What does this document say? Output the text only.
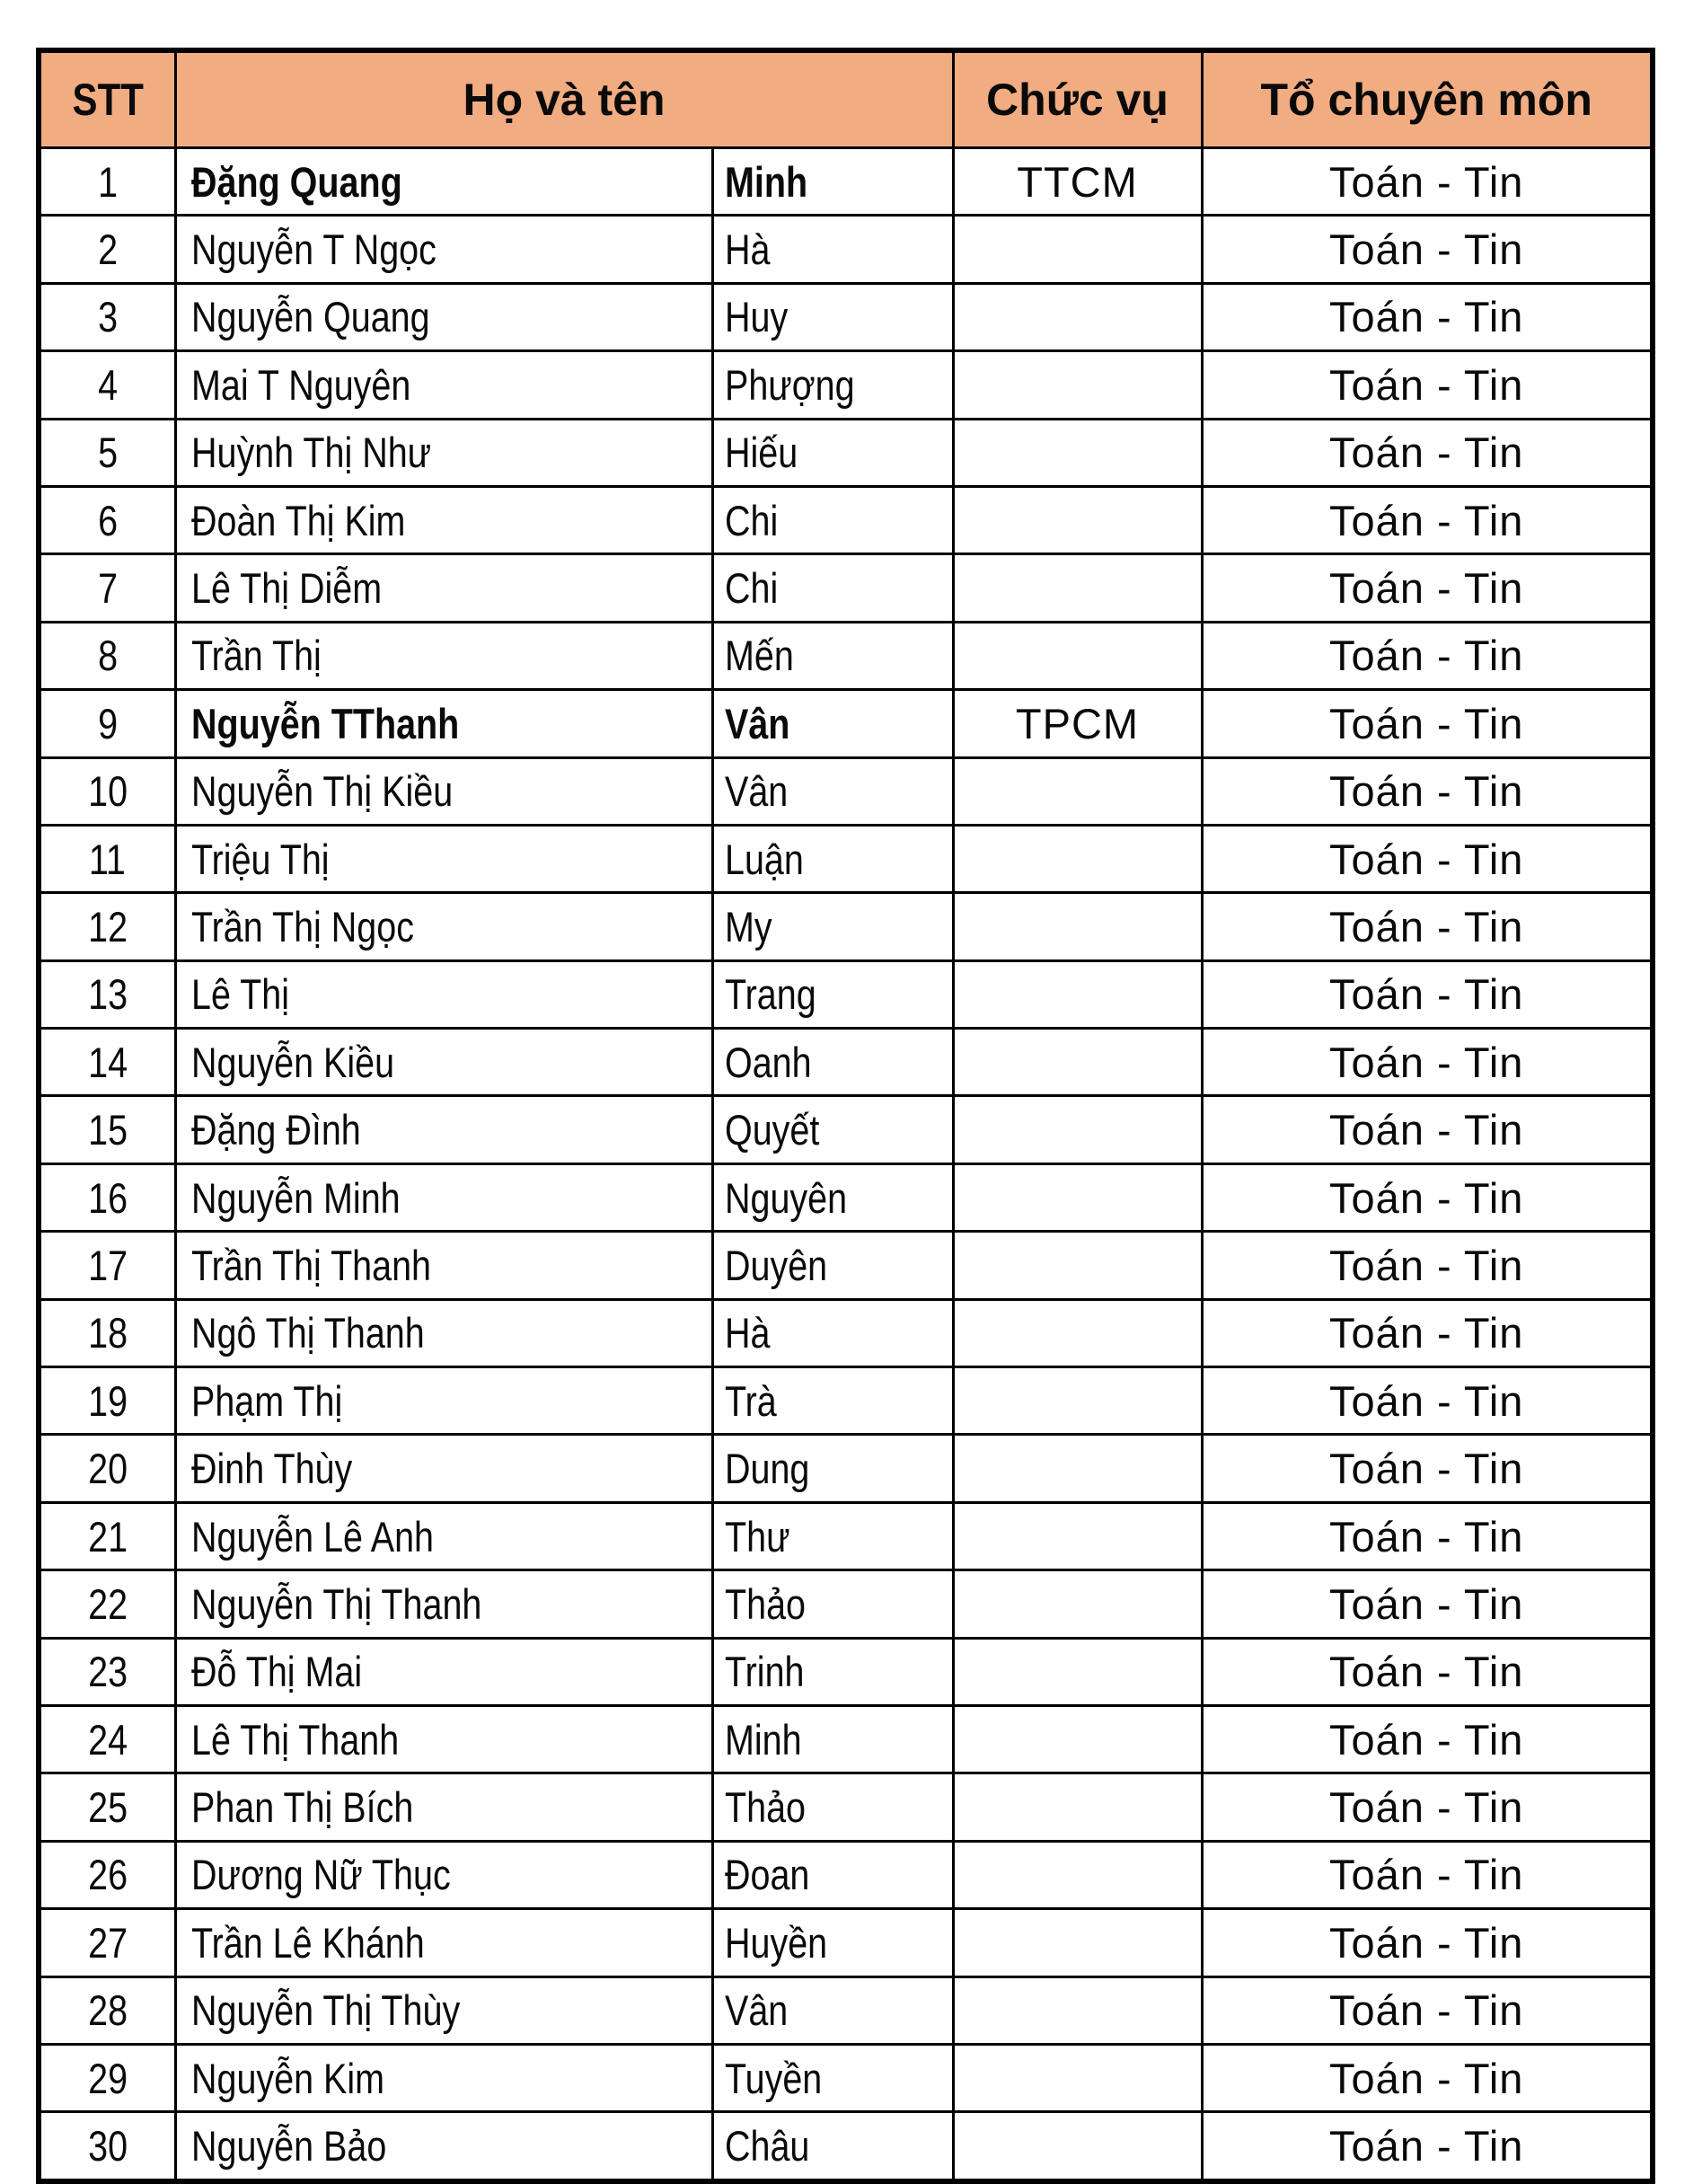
STT	Họ và tên		Chức vụ	Tổ chuyên môn
1	Đặng Quang	Minh	TTCM	Toán - Tin
2	Nguyễn T Ngọc	Hà		Toán - Tin
3	Nguyễn Quang	Huy		Toán - Tin
4	Mai T Nguyên	Phượng		Toán - Tin
5	Huỳnh Thị Như	Hiếu		Toán - Tin
6	Đoàn Thị Kim	Chi		Toán - Tin
7	Lê Thị Diễm	Chi		Toán - Tin
8	Trần Thị	Mến		Toán - Tin
9	Nguyễn TThanh	Vân	TPCM	Toán - Tin
10	Nguyễn Thị Kiều	Vân		Toán - Tin
11	Triệu Thị	Luận		Toán - Tin
12	Trần Thị Ngọc	My		Toán - Tin
13	Lê Thị	Trang		Toán - Tin
14	Nguyễn Kiều	Oanh		Toán - Tin
15	Đặng Đình	Quyết		Toán - Tin
16	Nguyễn Minh	Nguyên		Toán - Tin
17	Trần Thị Thanh	Duyên		Toán - Tin
18	Ngô Thị Thanh	Hà		Toán - Tin
19	Phạm Thị	Trà		Toán - Tin
20	Đinh Thùy	Dung		Toán - Tin
21	Nguyễn Lê Anh	Thư		Toán - Tin
22	Nguyễn Thị Thanh	Thảo		Toán - Tin
23	Đỗ Thị Mai	Trinh		Toán - Tin
24	Lê Thị Thanh	Minh		Toán - Tin
25	Phan Thị Bích	Thảo		Toán - Tin
26	Dương Nữ Thục	Đoan		Toán - Tin
27	Trần Lê Khánh	Huyền		Toán - Tin
28	Nguyễn Thị Thùy	Vân		Toán - Tin
29	Nguyễn Kim	Tuyền		Toán - Tin
30	Nguyễn Bảo	Châu		Toán - Tin
